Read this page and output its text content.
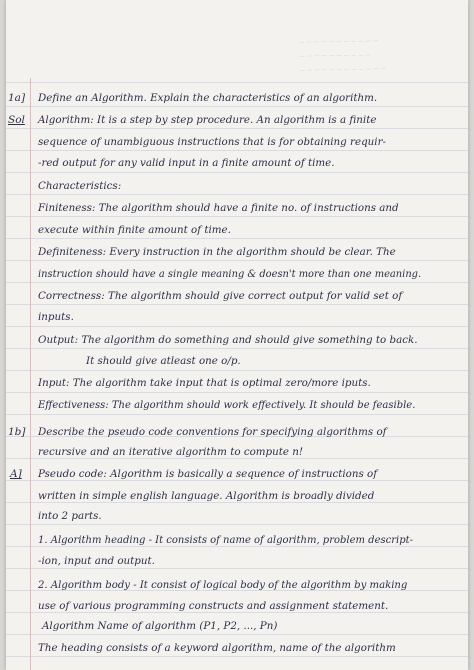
_ _ _ _ _ _ _ _ _ _ _
_ _ _ _ _ _ _ _ _ _
_ _ _ _ _ _ _ _ _ _ _ _
1a] Define an Algorithm. Explain the characteristics of an algorithm.
Sol Algorithm: It is a step by step procedure. An algorithm is a finite
sequence of unambiguous instructions that is for obtaining requir-
-red output for any valid input in a finite amount of time.
Characteristics:
Finiteness: The algorithm should have a finite no. of instructions and
execute within finite amount of time.
Definiteness: Every instruction in the algorithm should be clear. The
instruction should have a single meaning & doesn't more than one meaning.
Correctness: The algorithm should give correct output for valid set of
inputs.
Output: The algorithm do something and should give something to back.
It should give atleast one o/p.
Input: The algorithm take input that is optimal zero/more iputs.
Effectiveness: The algorithm should work effectively. It should be feasible.
1b] Describe the pseudo code conventions for specifying algorithms of
recursive and an iterative algorithm to compute n!
A] Pseudo code: Algorithm is basically a sequence of instructions of
written in simple english language. Algorithm is broadly divided
into 2 parts.
1. Algorithm heading - It consists of name of algorithm, problem descript-
-ion, input and output.
2. Algorithm body - It consist of logical body of the algorithm by making
use of various programming constructs and assignment statement.
Algorithm Name of algorithm (P1, P2, ..., Pn)
The heading consists of a keyword algorithm, name of the algorithm
